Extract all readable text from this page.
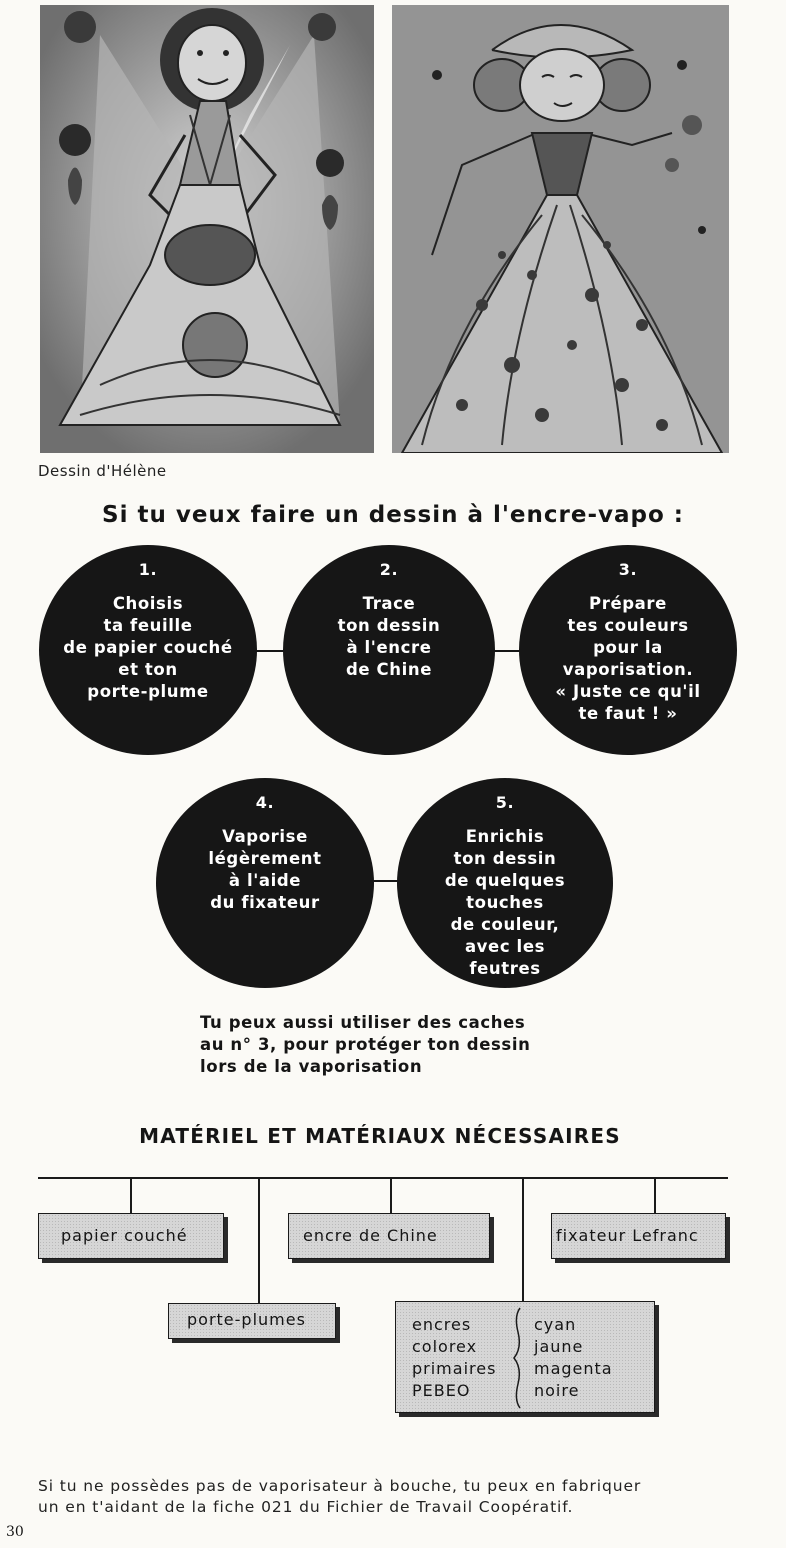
Dessin d'Hélène
Si tu veux faire un dessin à l'encre-vapo :
1.
Choisis
ta feuille
de papier couché
et ton
porte-plume
2.
Trace
ton dessin
à l'encre
de Chine
3.
Prépare
tes couleurs
pour la
vaporisation.
« Juste ce qu'il
te faut ! »
4.
Vaporise
légèrement
à l'aide
du fixateur
5.
Enrichis
ton dessin
de quelques
touches
de couleur,
avec les
feutres
Tu peux aussi utiliser des caches
au n° 3, pour protéger ton dessin
lors de la vaporisation
MATÉRIEL ET MATÉRIAUX NÉCESSAIRES
papier couché	encre de Chine	fixateur Lefranc
porte-plumes	encres
colorex
primaires
PEBEO
cyan
jaune
magenta
noire
Si tu ne possèdes pas de vaporisateur à bouche, tu peux en fabriquer
un en t'aidant de la fiche 021 du Fichier de Travail Coopératif.
30
